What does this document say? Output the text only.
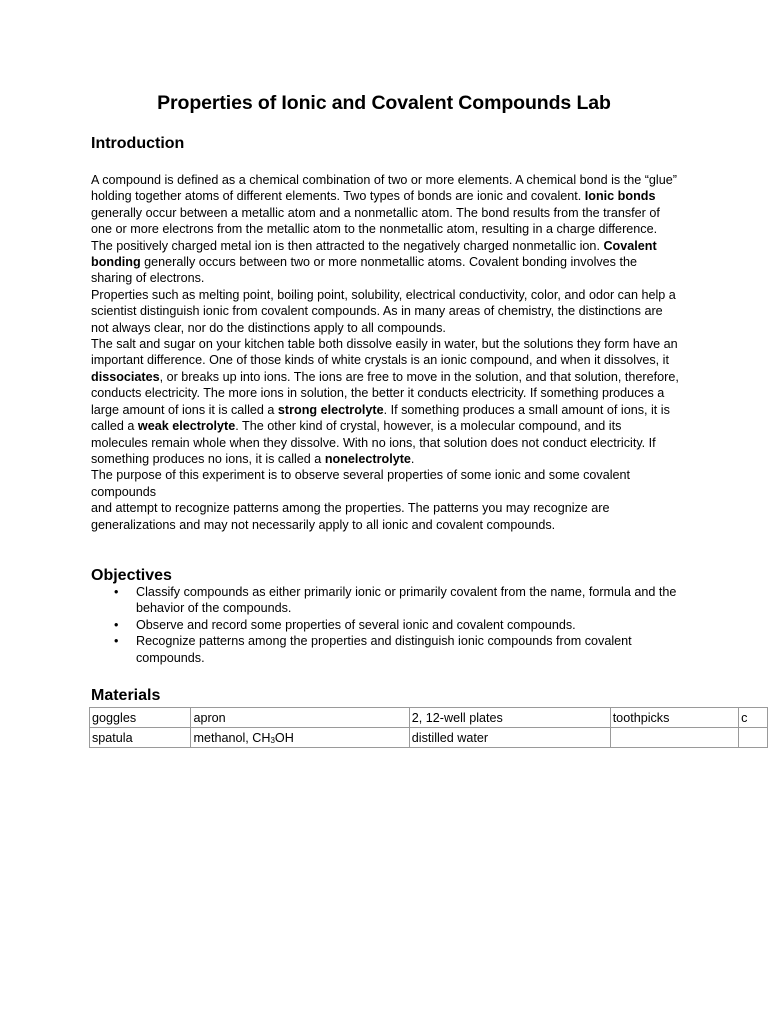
Properties of Ionic and Covalent Compounds Lab
Introduction

A compound is defined as a chemical combination of two or more elements. A chemical bond is the “glue” holding together atoms of different elements. Two types of bonds are ionic and covalent. Ionic bonds generally occur between a metallic atom and a nonmetallic atom. The bond results from the transfer of one or more electrons from the metallic atom to the nonmetallic atom, resulting in a charge difference. The positively charged metal ion is then attracted to the negatively charged nonmetallic ion. Covalent bonding generally occurs between two or more nonmetallic atoms. Covalent bonding involves the sharing of electrons.

Properties such as melting point, boiling point, solubility, electrical conductivity, color, and odor can help a scientist distinguish ionic from covalent compounds. As in many areas of chemistry, the distinctions are not always clear, nor do the distinctions apply to all compounds.

The salt and sugar on your kitchen table both dissolve easily in water, but the solutions they form have an important difference. One of those kinds of white crystals is an ionic compound, and when it dissolves, it dissociates, or breaks up into ions. The ions are free to move in the solution, and that solution, therefore, conducts electricity. The more ions in solution, the better it conducts electricity. If something produces a large amount of ions it is called a strong electrolyte. If something produces a small amount of ions, it is called a weak electrolyte. The other kind of crystal, however, is a molecular compound, and its molecules remain whole when they dissolve. With no ions, that solution does not conduct electricity. If something produces no ions, it is called a nonelectrolyte.

The purpose of this experiment is to observe several properties of some ionic and some covalent compounds

and attempt to recognize patterns among the properties. The patterns you may recognize are generalizations and may not necessarily apply to all ionic and covalent compounds.

Objectives
• Classify compounds as either primarily ionic or primarily covalent from the name, formula and the behavior of the compounds.
• Observe and record some properties of several ionic and covalent compounds.
• Recognize patterns among the properties and distinguish ionic compounds from covalent compounds.
Materials
goggles	apron	2, 12-well plates	toothpicks	c
spatula	methanol, CH3OH	distilled water		
